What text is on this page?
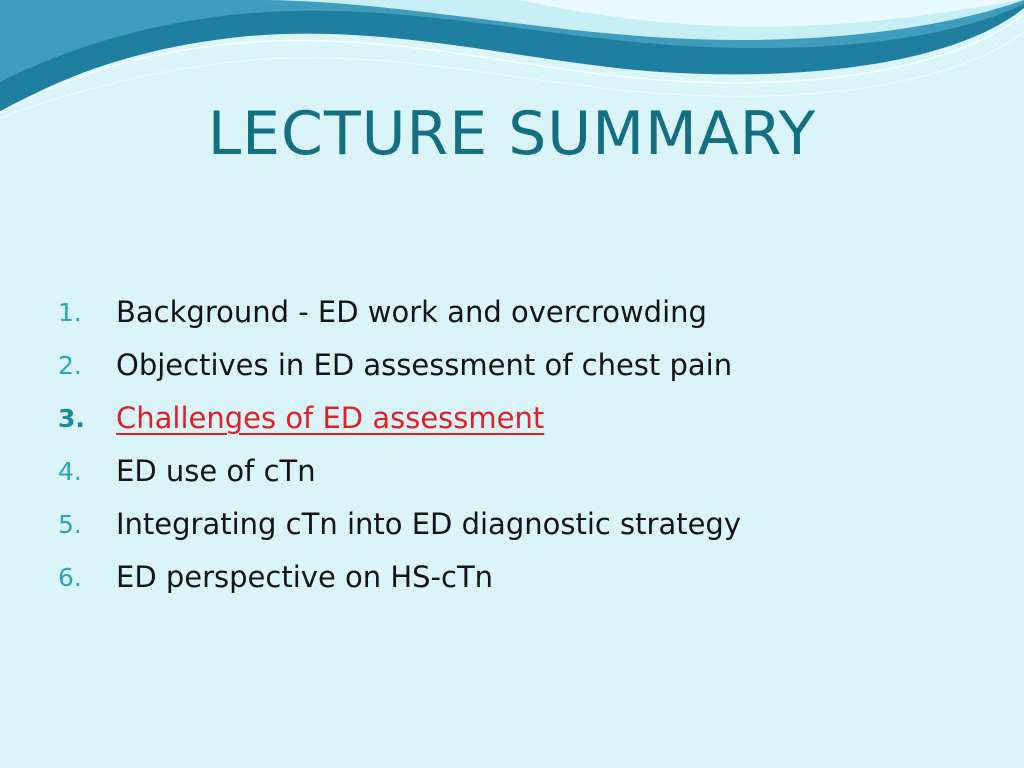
LECTURE SUMMARY
1.	Background - ED work and overcrowding
2.	Objectives in ED assessment of chest pain
3.	Challenges of ED assessment
4.	ED use of cTn
5.	Integrating cTn into ED diagnostic strategy
6.	ED perspective on HS-cTn
